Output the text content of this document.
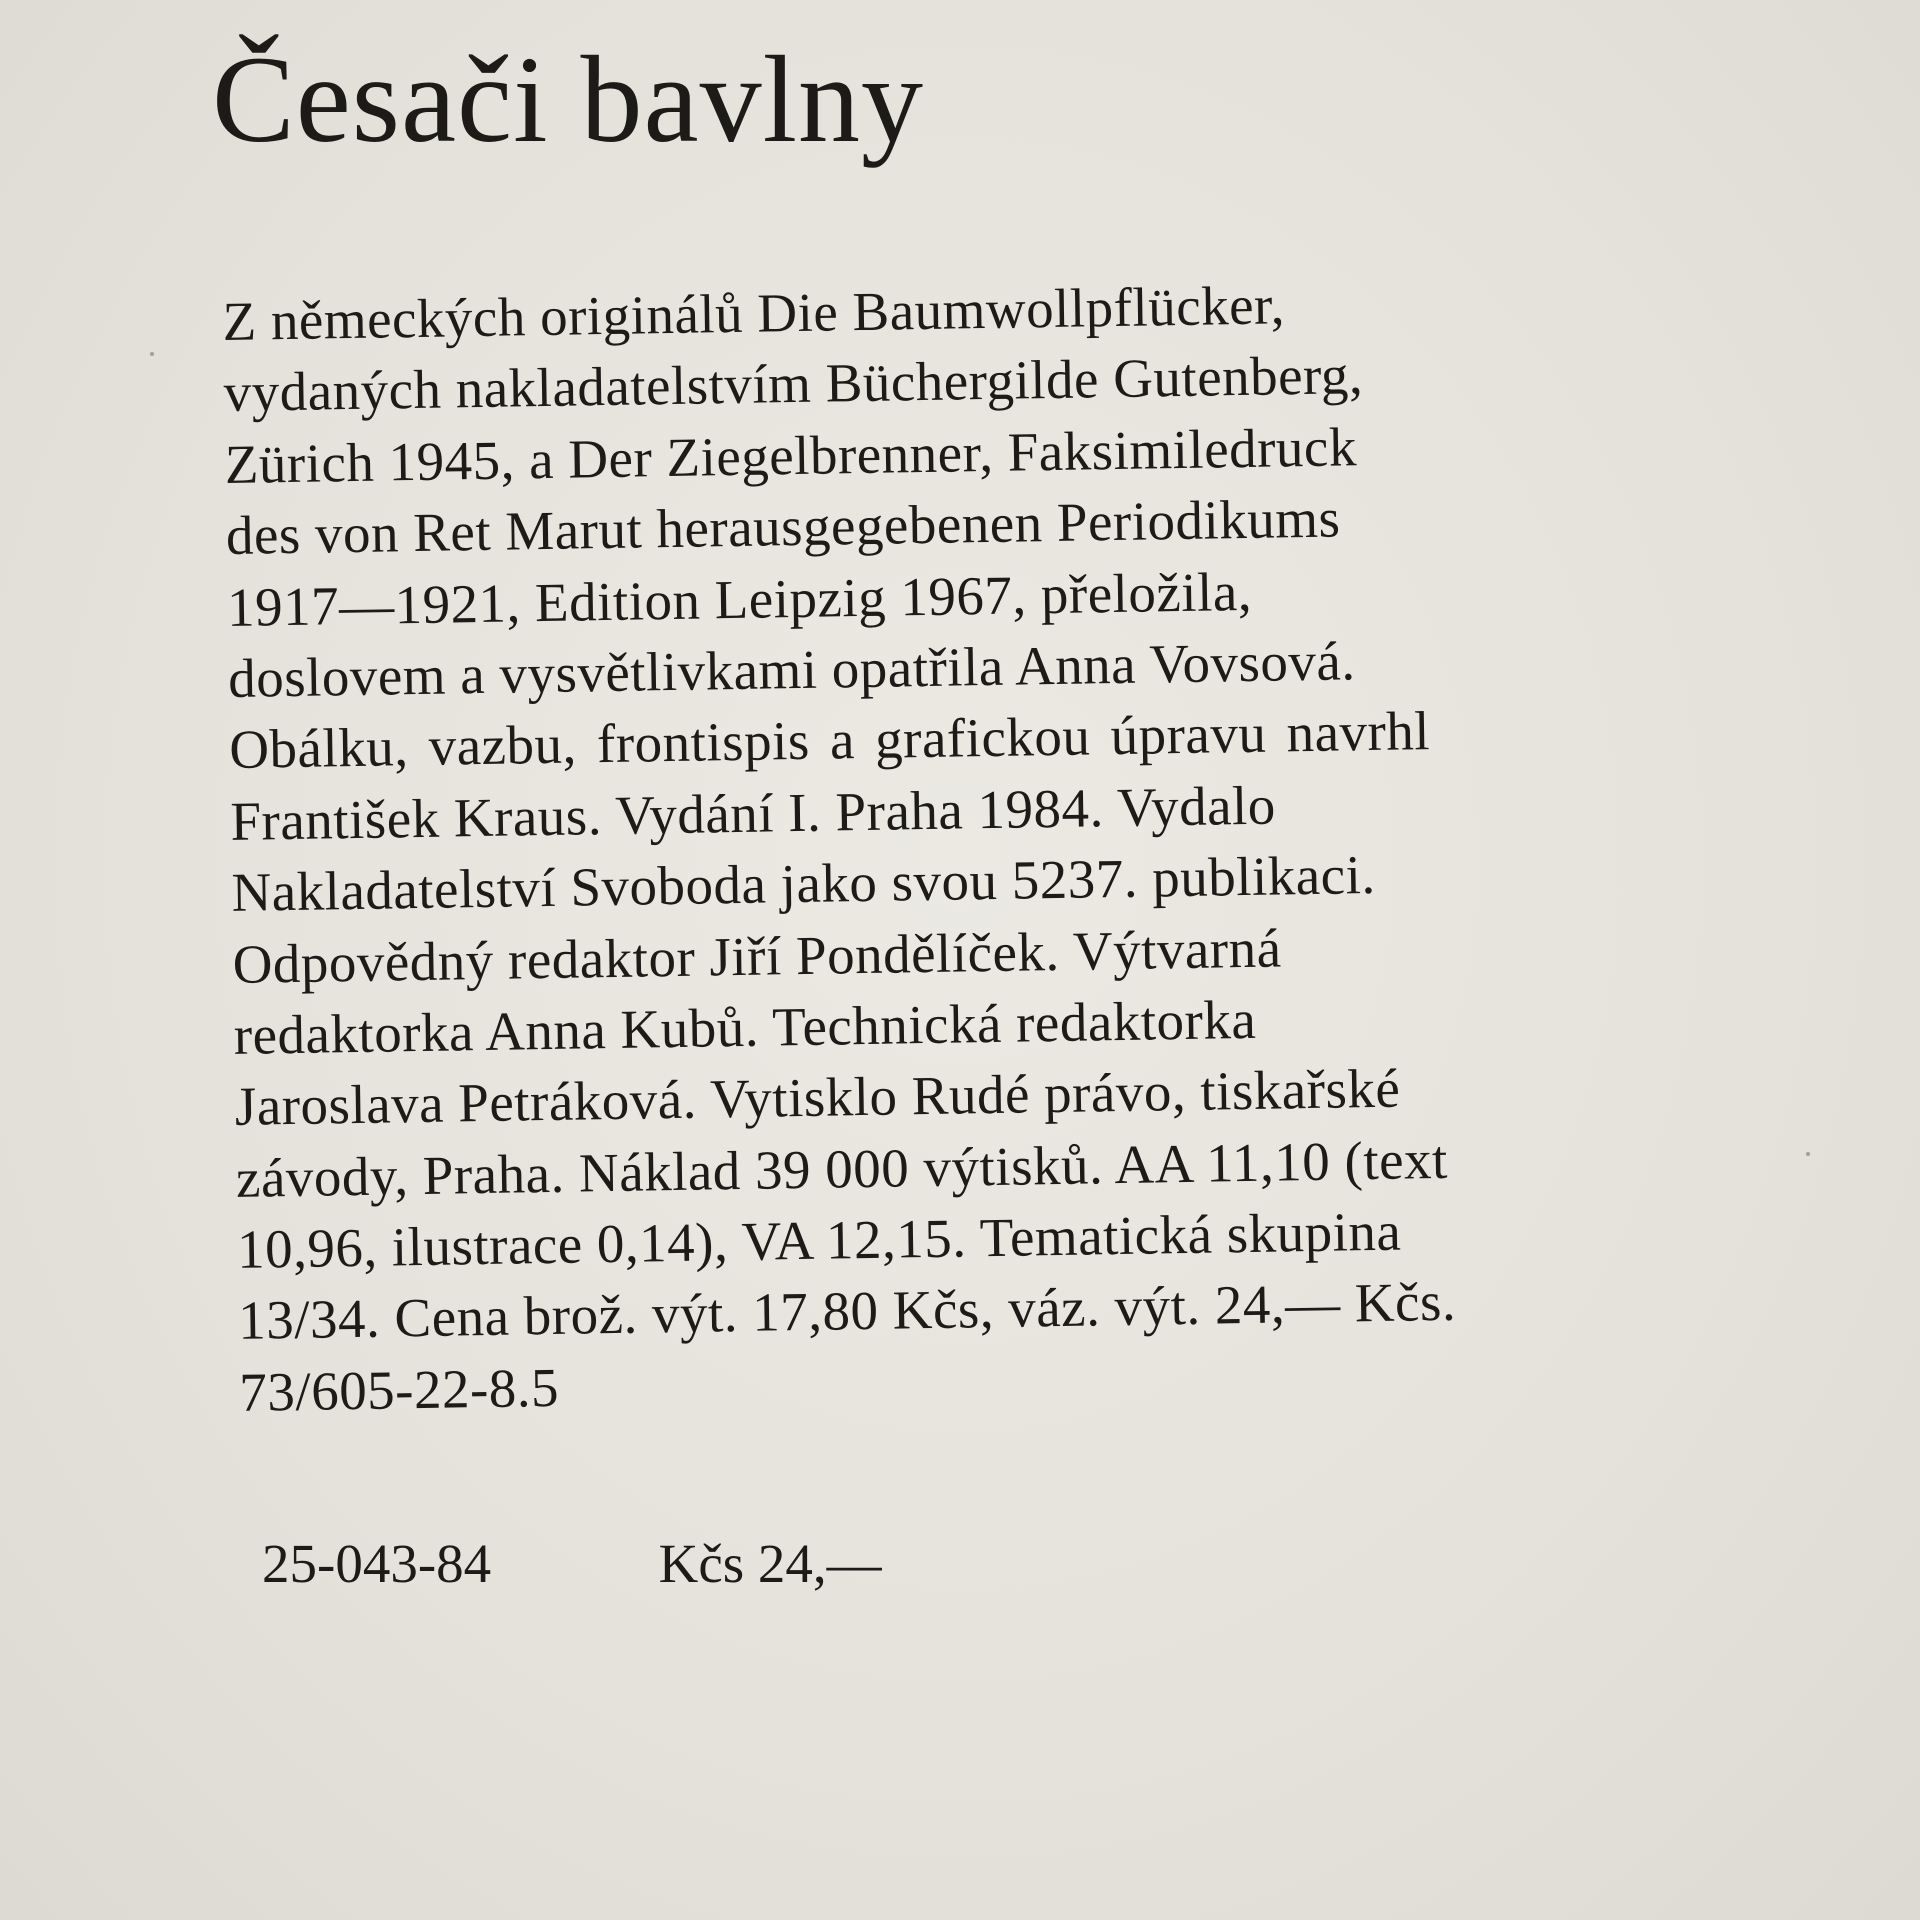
Česači bavlny
Z německých originálů Die Baumwollpflücker,
vydaných nakladatelstvím Büchergilde Gutenberg,
Zürich 1945, a Der Ziegelbrenner, Faksimiledruck
des von Ret Marut herausgegebenen Periodikums
1917—1921, Edition Leipzig 1967, přeložila,
doslovem a vysvětlivkami opatřila Anna Vovsová.
Obálku, vazbu, frontispis a grafickou úpravu navrhl
František Kraus. Vydání I. Praha 1984. Vydalo
Nakladatelství Svoboda jako svou 5237. publikaci.
Odpovědný redaktor Jiří Pondělíček. Výtvarná
redaktorka Anna Kubů. Technická redaktorka
Jaroslava Petráková. Vytisklo Rudé právo, tiskařské
závody, Praha. Náklad 39 000 výtisků. AA 11,10 (text
10,96, ilustrace 0,14), VA 12,15. Tematická skupina
13/34. Cena brož. výt. 17,80 Kčs, váz. výt. 24,— Kčs.
73/605-22-8.5
25-043-84	Kčs 24,—
